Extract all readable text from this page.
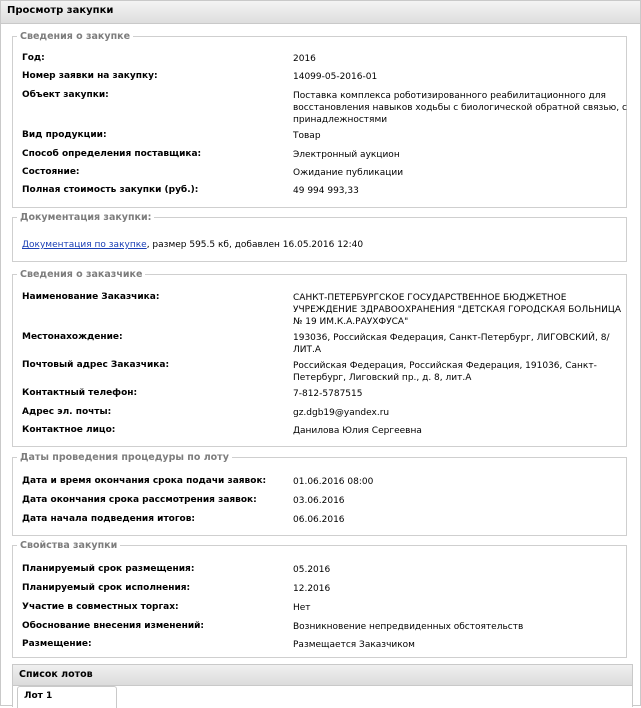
Просмотр закупки
Сведения о закупке
Год:	2016
Номер заявки на закупку:	14099-05-2016-01
Объект закупки:	Поставка комплекса роботизированного реабилитационного для восстановления навыков ходьбы с биологической обратной связью, с принадлежностями
Вид продукции:	Товар
Способ определения поставщика:	Электронный аукцион
Состояние:	Ожидание публикации
Полная стоимость закупки (руб.):	49 994 993,33
Документация закупки:
Документация по закупке, размер 595.5 кб, добавлен 16.05.2016 12:40
Сведения о заказчике
Наименование Заказчика:	САНКТ-ПЕТЕРБУРГСКОЕ ГОСУДАРСТВЕННОЕ БЮДЖЕТНОЕ УЧРЕЖДЕНИЕ ЗДРАВООХРАНЕНИЯ "ДЕТСКАЯ ГОРОДСКАЯ БОЛЬНИЦА № 19 ИМ.К.А.РАУХФУСА"
Местонахождение:	193036, Российская Федерация, Санкт-Петербург, ЛИГОВСКИЙ, 8/ЛИТ.А
Почтовый адрес Заказчика:	Российская Федерация, Российская Федерация, 191036, Санкт-Петербург, Лиговский пр., д. 8, лит.А
Контактный телефон:	7-812-5787515
Адрес эл. почты:	gz.dgb19@yandex.ru
Контактное лицо:	Данилова Юлия Сергеевна
Даты проведения процедуры по лоту
Дата и время окончания срока подачи заявок:	01.06.2016 08:00
Дата окончания срока рассмотрения заявок:	03.06.2016
Дата начала подведения итогов:	06.06.2016
Свойства закупки
Планируемый срок размещения:	05.2016
Планируемый срок исполнения:	12.2016
Участие в совместных торгах:	Нет
Обоснование внесения изменений:	Возникновение непредвиденных обстоятельств
Размещение:	Размещается Заказчиком
Список лотов
Лот 1
